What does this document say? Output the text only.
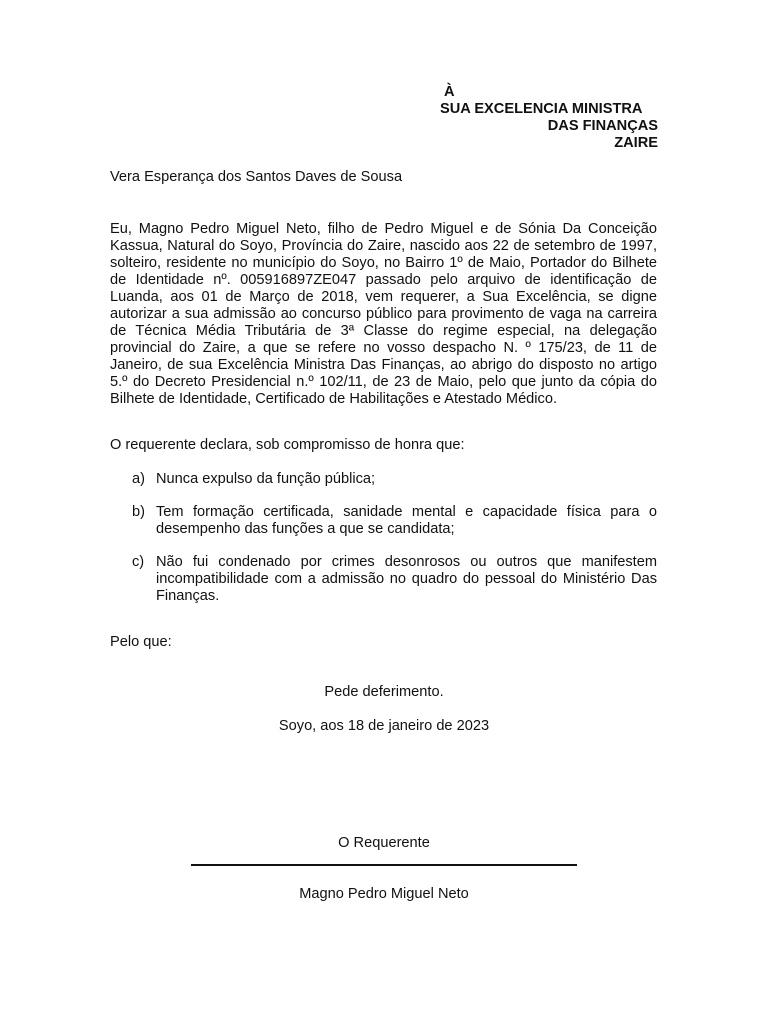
À
SUA EXCELENCIA MINISTRA
DAS FINANÇAS
ZAIRE
Vera Esperança dos Santos Daves de Sousa
Eu, Magno Pedro Miguel Neto, filho de Pedro Miguel e de Sónia Da Conceição Kassua, Natural do Soyo, Província do Zaire, nascido aos 22 de setembro de 1997, solteiro, residente no município do Soyo, no Bairro 1º de Maio, Portador do Bilhete de Identidade nº. 005916897ZE047 passado pelo arquivo de identificação de Luanda, aos 01 de Março de 2018, vem requerer, a Sua Excelência, se digne autorizar a sua admissão ao concurso público para provimento de vaga na carreira de Técnica Média Tributária de 3ª Classe do regime especial, na delegação provincial do Zaire, a que se refere no vosso despacho N. º 175/23, de 11 de Janeiro, de sua Excelência Ministra Das Finanças, ao abrigo do disposto no artigo 5.º do Decreto Presidencial n.º 102/11, de 23 de Maio, pelo que junto da cópia do Bilhete de Identidade, Certificado de Habilitações e Atestado Médico.
O requerente declara, sob compromisso de honra que:
a) Nunca expulso da função pública;
b) Tem formação certificada, sanidade mental e capacidade física para o desempenho das funções a que se candidata;
c) Não fui condenado por crimes desonrosos ou outros que manifestem incompatibilidade com a admissão no quadro do pessoal do Ministério Das Finanças.
Pelo que:
Pede deferimento.
Soyo, aos 18 de janeiro de 2023
O Requerente
Magno Pedro Miguel Neto
